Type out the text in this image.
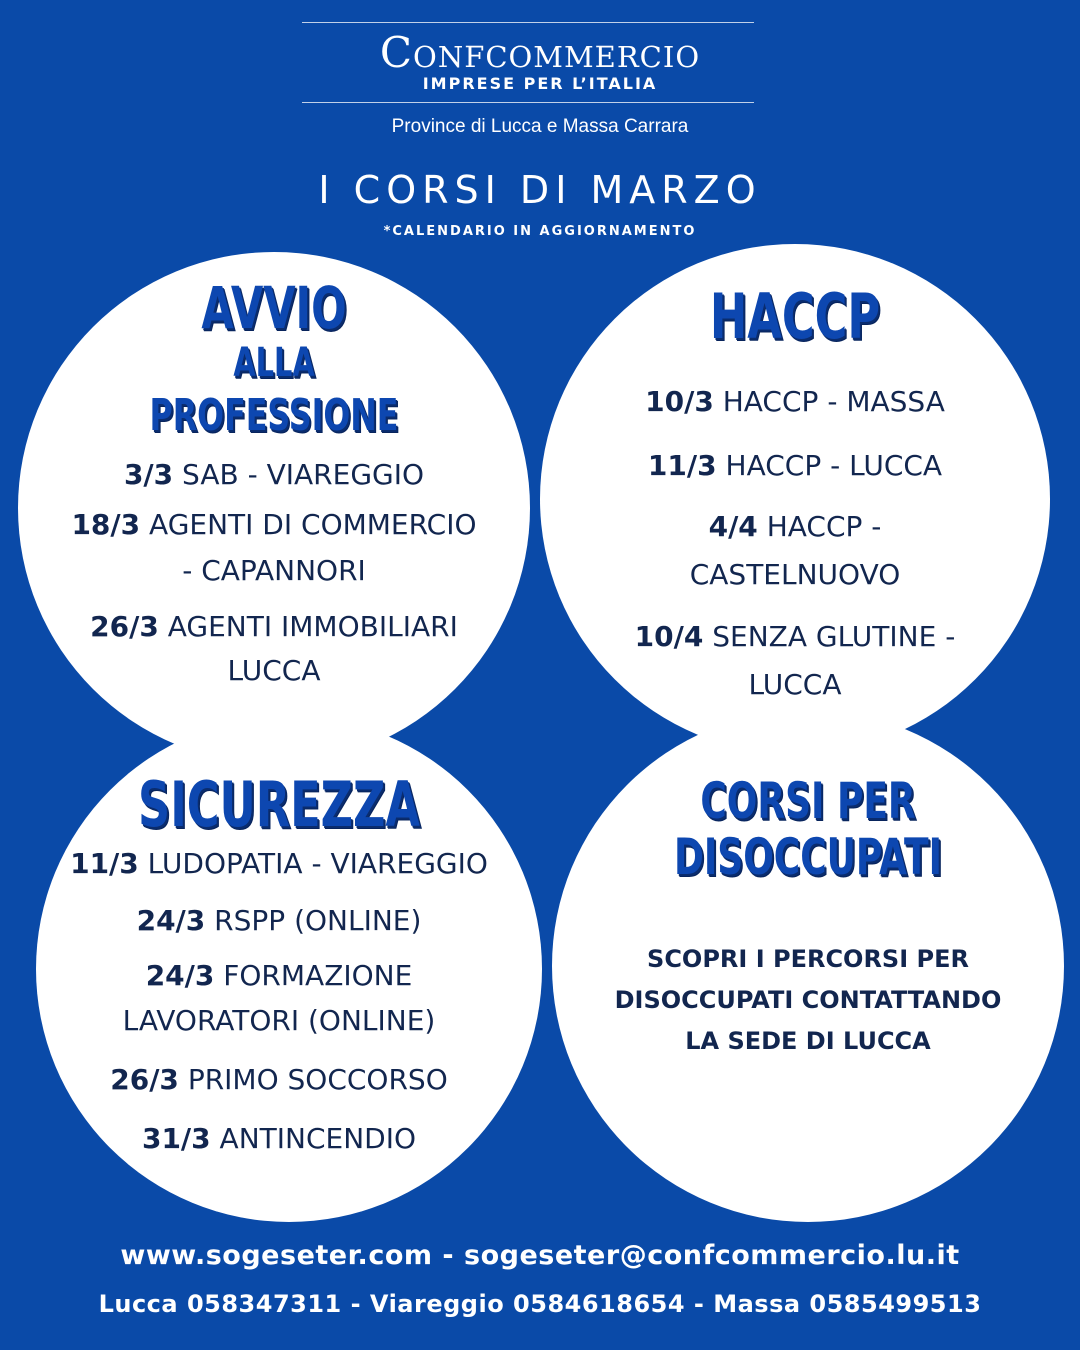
Confcommercio
IMPRESE PER L’ITALIA
Province di Lucca e Massa Carrara
I CORSI DI MARZO
*CALENDARIO IN AGGIORNAMENTO
AVVIO
ALLA
PROFESSIONE
3/3 SAB - VIAREGGIO
18/3 AGENTI DI COMMERCIO
- CAPANNORI
26/3 AGENTI IMMOBILIARI
LUCCA
HACCP
10/3 HACCP - MASSA
11/3 HACCP - LUCCA
4/4 HACCP -
CASTELNUOVO
10/4 SENZA GLUTINE -
LUCCA
SICUREZZA
11/3 LUDOPATIA - VIAREGGIO
24/3 RSPP (ONLINE)
24/3 FORMAZIONE
LAVORATORI (ONLINE)
26/3 PRIMO SOCCORSO
31/3 ANTINCENDIO
CORSI PER
DISOCCUPATI
SCOPRI I PERCORSI PER
DISOCCUPATI CONTATTANDO
LA SEDE DI LUCCA
www.sogeseter.com - sogeseter@confcommercio.lu.it
Lucca 058347311 - Viareggio 0584618654 - Massa 0585499513
